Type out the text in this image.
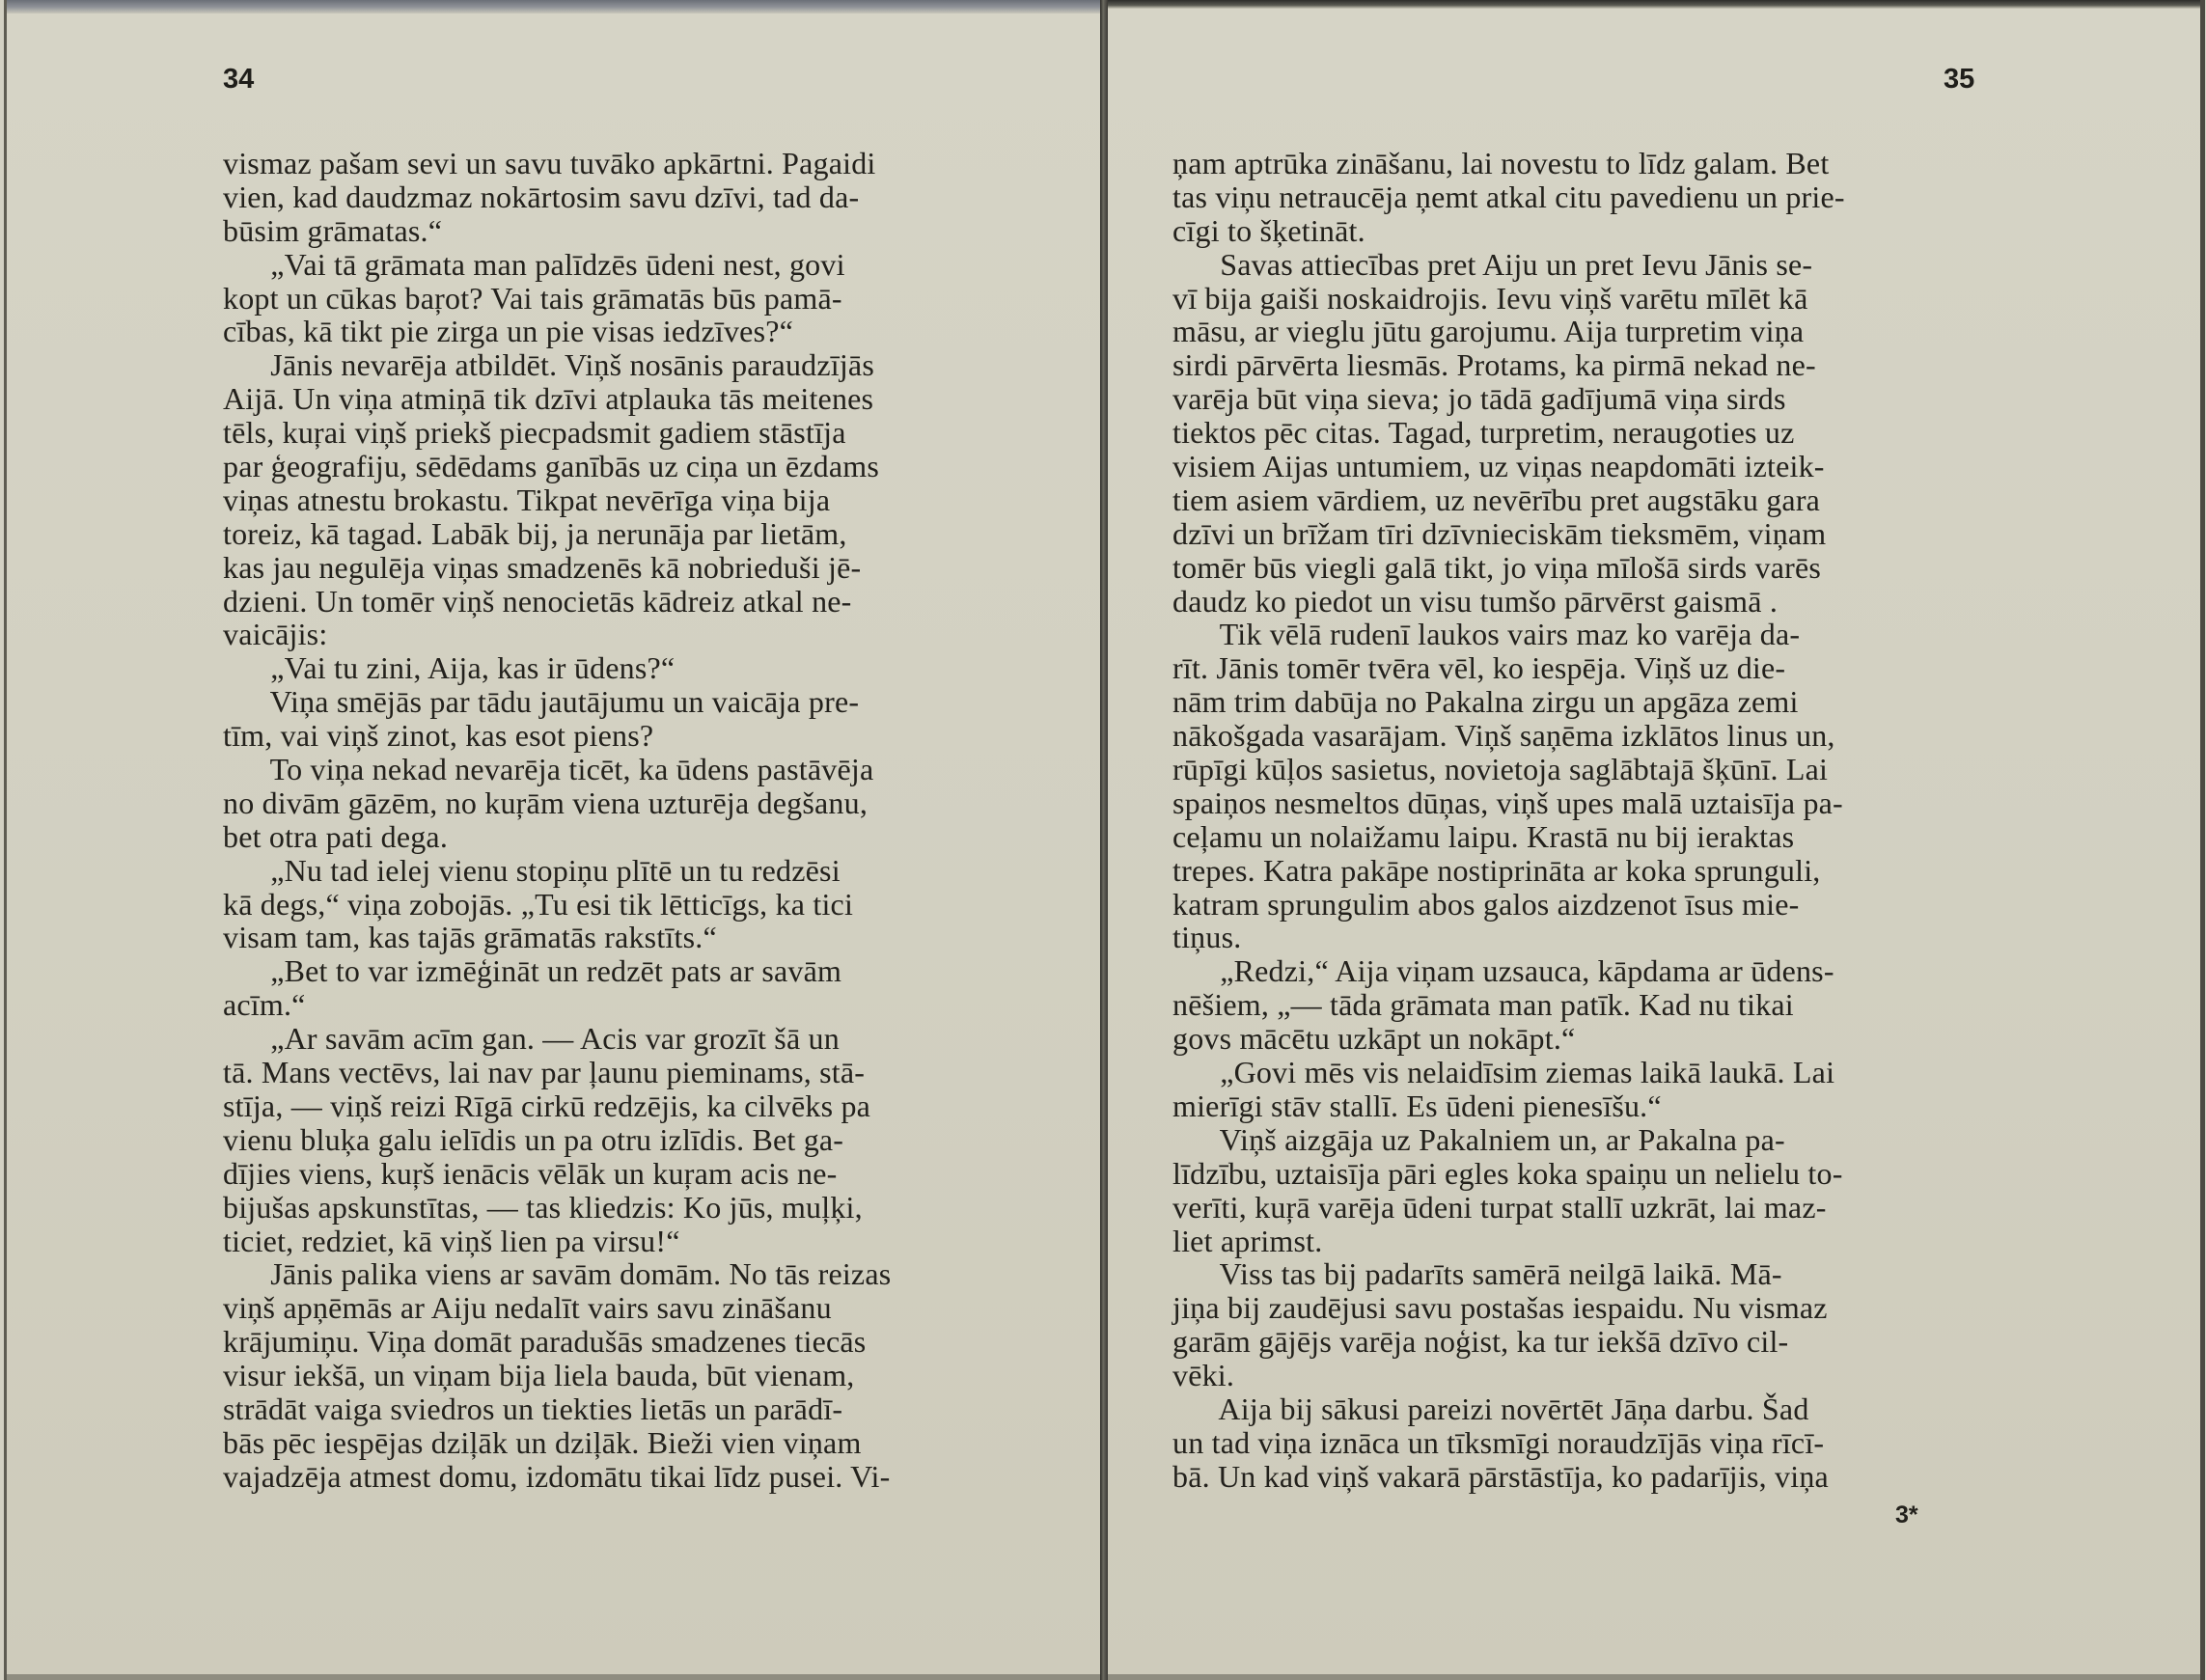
34
vismaz pašam sevi un savu tuvāko apkārtni. Pagaidi
vien, kad daudzmaz nokārtosim savu dzīvi, tad da-
būsim grāmatas.“
„Vai tā grāmata man palīdzēs ūdeni nest, govi
kopt un cūkas baŗot? Vai tais grāmatās būs pamā-
cības, kā tikt pie zirga un pie visas iedzīves?“
Jānis nevarēja atbildēt. Viņš nosānis paraudzījās
Aijā. Un viņa atmiņā tik dzīvi atplauka tās meitenes
tēls, kuŗai viņš priekš piecpadsmit gadiem stāstīja
par ģeografiju, sēdēdams ganībās uz ciņa un ēzdams
viņas atnestu brokastu. Tikpat nevērīga viņa bija
toreiz, kā tagad. Labāk bij, ja nerunāja par lietām,
kas jau negulēja viņas smadzenēs kā nobrieduši jē-
dzieni. Un tomēr viņš nenocietās kādreiz atkal ne-
vaicājis:
„Vai tu zini, Aija, kas ir ūdens?“
Viņa smējās par tādu jautājumu un vaicāja pre-
tīm, vai viņš zinot, kas esot piens?
To viņa nekad nevarēja ticēt, ka ūdens pastāvēja
no divām gāzēm, no kuŗām viena uzturēja degšanu,
bet otra pati dega.
„Nu tad ielej vienu stopiņu plītē un tu redzēsi
kā degs,“ viņa zobojās. „Tu esi tik lētticīgs, ka tici
visam tam, kas tajās grāmatās rakstīts.“
„Bet to var izmēģināt un redzēt pats ar savām
acīm.“
„Ar savām acīm gan. — Acis var grozīt šā un
tā. Mans vectēvs, lai nav par ļaunu pieminams, stā-
stīja, — viņš reizi Rīgā cirkū redzējis, ka cilvēks pa
vienu bluķa galu ielīdis un pa otru izlīdis. Bet ga-
dījies viens, kuŗš ienācis vēlāk un kuŗam acis ne-
bijušas apskunstītas, — tas kliedzis: Ko jūs, muļķi,
ticiet, redziet, kā viņš lien pa virsu!“
Jānis palika viens ar savām domām. No tās reizas
viņš apņēmās ar Aiju nedalīt vairs savu zināšanu
krājumiņu. Viņa domāt paradušās smadzenes tiecās
visur iekšā, un viņam bija liela bauda, būt vienam,
strādāt vaiga sviedros un tiekties lietās un parādī-
bās pēc iespējas dziļāk un dziļāk. Bieži vien viņam
vajadzēja atmest domu, izdomātu tikai līdz pusei. Vi-
35
ņam aptrūka zināšanu, lai novestu to līdz galam. Bet
tas viņu netraucēja ņemt atkal citu pavedienu un prie-
cīgi to šķetināt.
Savas attiecības pret Aiju un pret Ievu Jānis se-
vī bija gaiši noskaidrojis. Ievu viņš varētu mīlēt kā
māsu, ar vieglu jūtu garojumu. Aija turpretim viņa
sirdi pārvērta liesmās. Protams, ka pirmā nekad ne-
varēja būt viņa sieva; jo tādā gadījumā viņa sirds
tiektos pēc citas. Tagad, turpretim, neraugoties uz
visiem Aijas untumiem, uz viņas neapdomāti izteik-
tiem asiem vārdiem, uz nevērību pret augstāku gara
dzīvi un brīžam tīri dzīvnieciskām tieksmēm, viņam
tomēr būs viegli galā tikt, jo viņa mīlošā sirds varēs
daudz ko piedot un visu tumšo pārvērst gaismā .
Tik vēlā rudenī laukos vairs maz ko varēja da-
rīt. Jānis tomēr tvēra vēl, ko iespēja. Viņš uz die-
nām trim dabūja no Pakalna zirgu un apgāza zemi
nākošgada vasarājam. Viņš saņēma izklātos linus un,
rūpīgi kūļos sasietus, novietoja saglābtajā šķūnī. Lai
spaiņos nesmeltos dūņas, viņš upes malā uztaisīja pa-
ceļamu un nolaižamu laipu. Krastā nu bij ieraktas
trepes. Katra pakāpe nostiprināta ar koka sprunguli,
katram sprungulim abos galos aizdzenot īsus mie-
tiņus.
„Redzi,“ Aija viņam uzsauca, kāpdama ar ūdens-
nēšiem, „— tāda grāmata man patīk. Kad nu tikai
govs mācētu uzkāpt un nokāpt.“
„Govi mēs vis nelaidīsim ziemas laikā laukā. Lai
mierīgi stāv stallī. Es ūdeni pienesīšu.“
Viņš aizgāja uz Pakalniem un, ar Pakalna pa-
līdzību, uztaisīja pāri egles koka spaiņu un nelielu to-
verīti, kuŗā varēja ūdeni turpat stallī uzkrāt, lai maz-
liet aprimst.
Viss tas bij padarīts samērā neilgā laikā. Mā-
jiņa bij zaudējusi savu postašas iespaidu. Nu vismaz
garām gājējs varēja noģist, ka tur iekšā dzīvo cil-
vēki.
Aija bij sākusi pareizi novērtēt Jāņa darbu. Šad
un tad viņa iznāca un tīksmīgi noraudzījās viņa rīcī-
bā. Un kad viņš vakarā pārstāstīja, ko padarījis, viņa
3*
